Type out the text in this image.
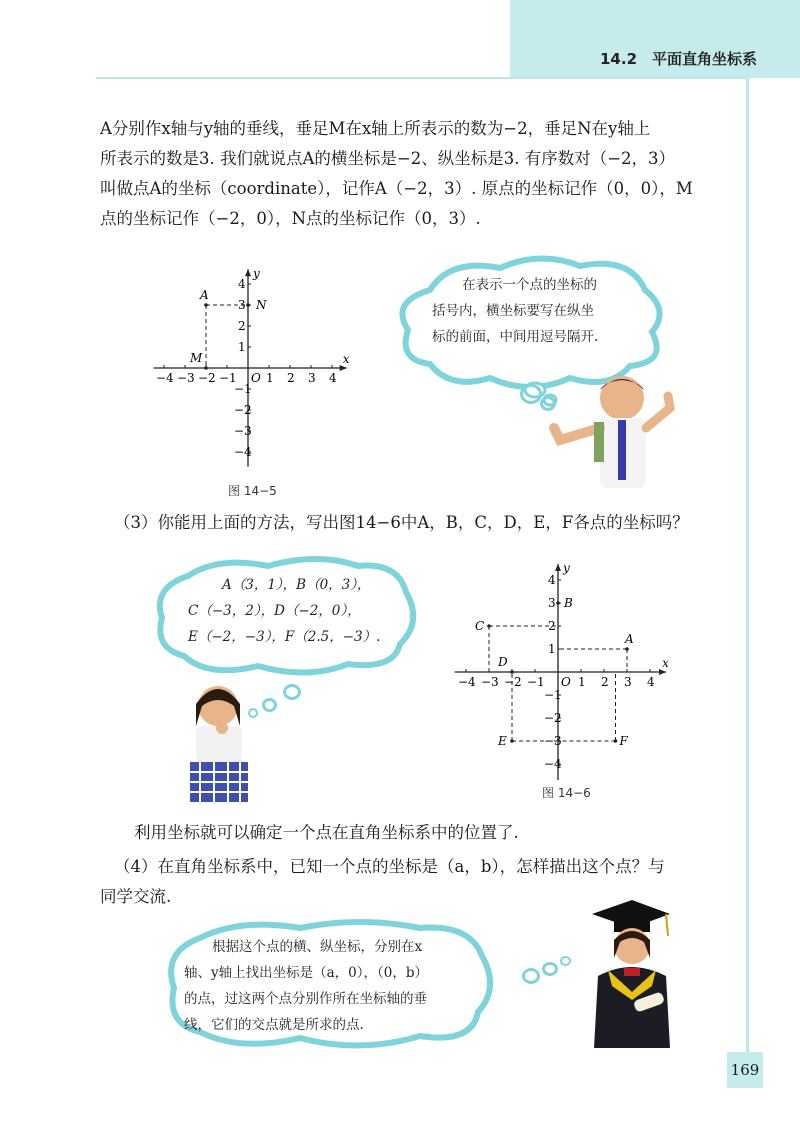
14.2　平面直角坐标系
A分别作x轴与y轴的垂线，垂足M在x轴上所表示的数为−2，垂足N在y轴上
所表示的数是3. 我们就说点A的横坐标是−2、纵坐标是3. 有序数对（−2，3）
叫做点A的坐标（coordinate），记作A（−2，3）. 原点的坐标记作（0，0），M
点的坐标记作（−2，0），N点的坐标记作（0，3）.
x
y
−4 −3 −2 −1 1 2 3 4
4
3
2
1
−1
−2
−3
−4
O
A
M
N
图 14−5
在表示一个点的坐标的
括号内，横坐标要写在纵坐
标的前面，中间用逗号隔开.
（3）你能用上面的方法，写出图14−6中A，B，C，D，E，F各点的坐标吗？
A（3，1），B（0，3），
C（−3，2），D（−2，0），
E（−2，−3），F（2.5，−3）.
x
y
−4 −3 −2 −1	1 2 3 4
4
3
2
1
−1
−2
−3
−4
O
A
B
C
D
E	F
图 14−6
利用坐标就可以确定一个点在直角坐标系中的位置了.
（4）在直角坐标系中，已知一个点的坐标是（a，b），怎样描出这个点？与
同学交流.
根据这个点的横、纵坐标，分别在x
轴、y轴上找出坐标是（a，0），（0，b）
的点，过这两个点分别作所在坐标轴的垂
线，它们的交点就是所求的点.
169
